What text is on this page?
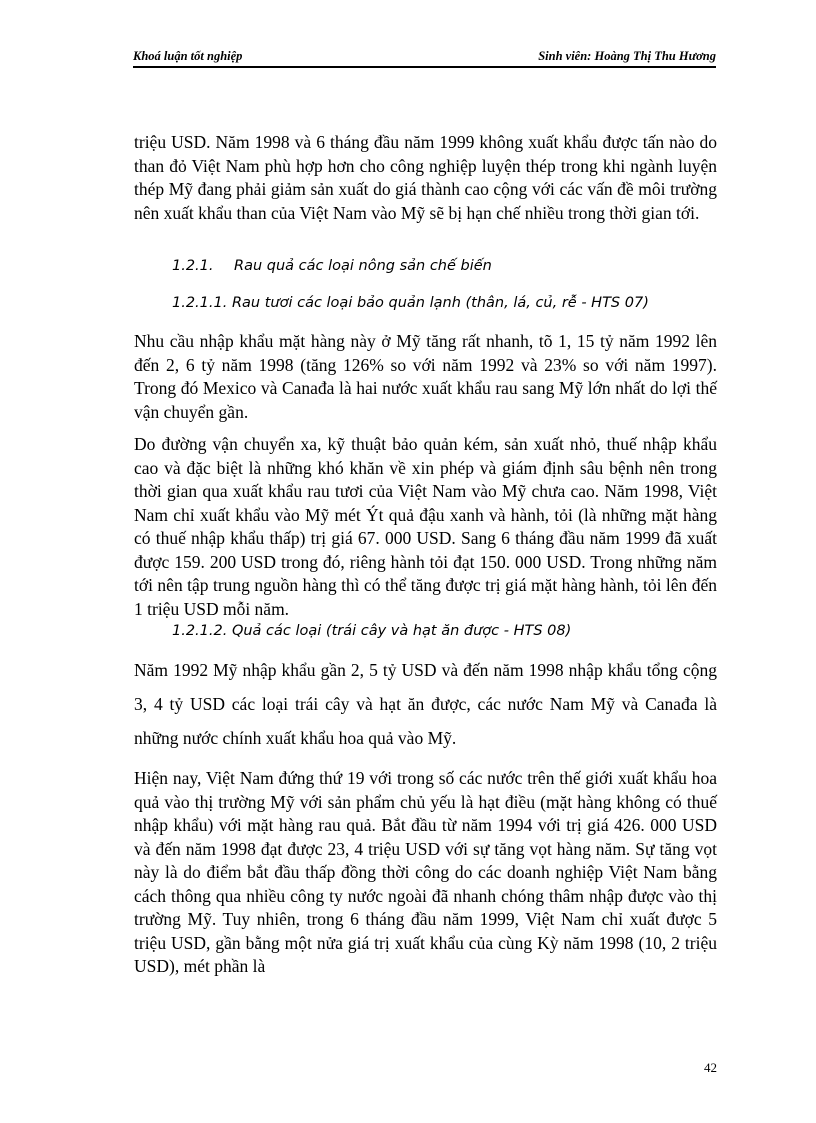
Khoá luận tốt nghiệp	Sinh viên: Hoàng Thị Thu Hương

triệu USD. Năm 1998 và 6 tháng đầu năm 1999 không xuất khẩu được tấn nào do than đỏ Việt Nam phù hợp hơn cho công nghiệp luyện thép trong khi ngành luyện thép Mỹ đang phải giảm sản xuất do giá thành cao cộng với các vấn đề môi trường nên xuất khẩu than của Việt Nam vào Mỹ sẽ bị hạn chế nhiều trong thời gian tới.

1.2.1. Rau quả các loại nông sản chế biến

1.2.1.1. Rau tươi các loại bảo quản lạnh (thân, lá, củ, rễ - HTS 07)

Nhu cầu nhập khẩu mặt hàng này ở Mỹ tăng rất nhanh, tõ 1, 15 tỷ năm 1992 lên đến 2, 6 tỷ năm 1998 (tăng 126% so với năm 1992 và 23% so với năm 1997). Trong đó Mexico và Canađa là hai nước xuất khẩu rau sang Mỹ lớn nhất do lợi thế vận chuyển gần.

Do đường vận chuyển xa, kỹ thuật bảo quản kém, sản xuất nhỏ, thuế nhập khẩu cao và đặc biệt là những khó khăn về xin phép và giám định sâu bệnh nên trong thời gian qua xuất khẩu rau tươi của Việt Nam vào Mỹ chưa cao. Năm 1998, Việt Nam chỉ xuất khẩu vào Mỹ mét Ýt quả đậu xanh và hành, tỏi (là những mặt hàng có thuế nhập khẩu thấp) trị giá 67. 000 USD. Sang 6 tháng đầu năm 1999 đã xuất được 159. 200 USD trong đó, riêng hành tỏi đạt 150. 000 USD. Trong những năm tới nên tập trung nguồn hàng thì có thể tăng được trị giá mặt hàng hành, tỏi lên đến 1 triệu USD mỗi năm.

1.2.1.2. Quả các loại (trái cây và hạt ăn được - HTS 08)

Năm 1992 Mỹ nhập khẩu gần 2, 5 tỷ USD và đến năm 1998 nhập khẩu tổng cộng 3, 4 tỷ USD các loại trái cây và hạt ăn được, các nước Nam Mỹ và Canađa là những nước chính xuất khẩu hoa quả vào Mỹ.

Hiện nay, Việt Nam đứng thứ 19 với trong số các nước trên thế giới xuất khẩu hoa quả vào thị trường Mỹ với sản phẩm chủ yếu là hạt điều (mặt hàng không có thuế nhập khẩu) với mặt hàng rau quả. Bắt đầu từ năm 1994 với trị giá 426. 000 USD và đến năm 1998 đạt được 23, 4 triệu USD với sự tăng vọt hàng năm. Sự tăng vọt này là do điểm bắt đầu thấp đồng thời công do các doanh nghiệp Việt Nam bằng cách thông qua nhiều công ty nước ngoài đã nhanh chóng thâm nhập được vào thị trường Mỹ. Tuy nhiên, trong 6 tháng đầu năm 1999, Việt Nam chỉ xuất được 5 triệu USD, gần bằng một nửa giá trị xuất khẩu của cùng Kỳ năm 1998 (10, 2 triệu USD), mét phần là

42
